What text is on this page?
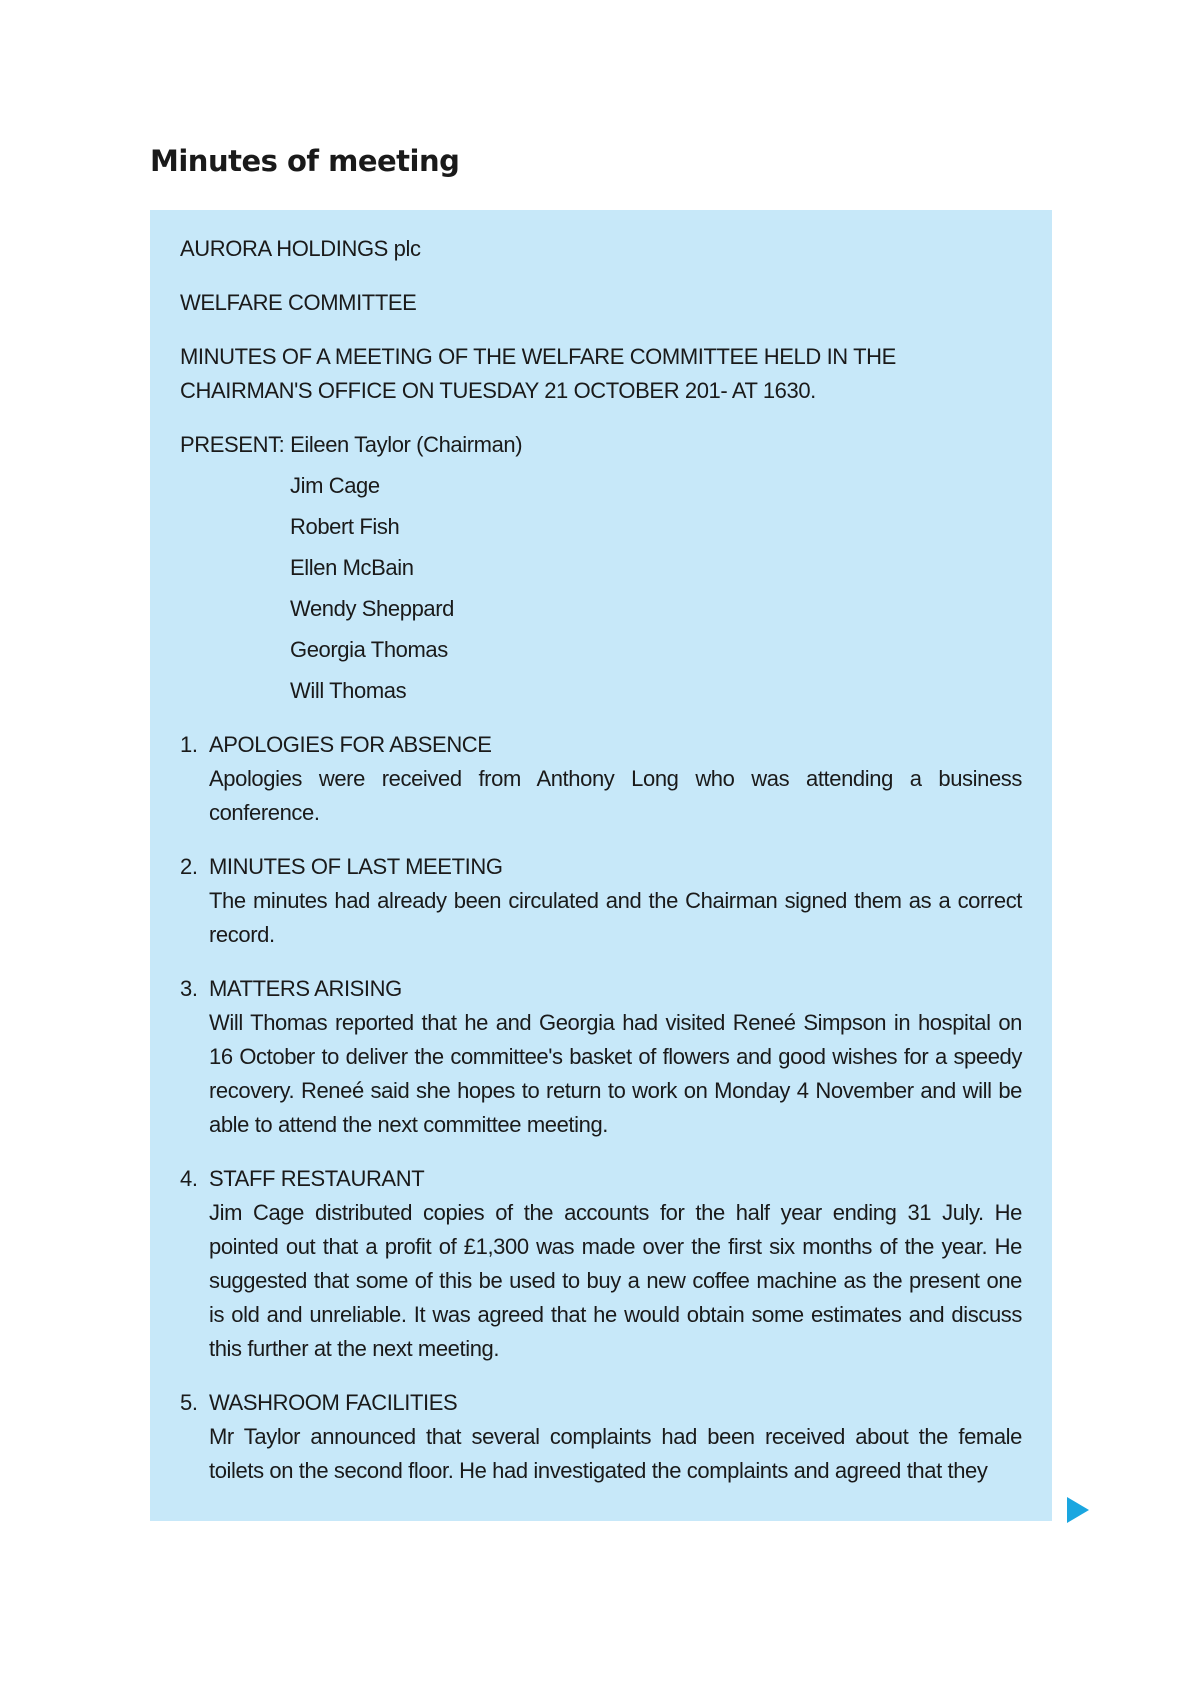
Minutes of meeting

AURORA HOLDINGS plc

WELFARE COMMITTEE

MINUTES OF A MEETING OF THE WELFARE COMMITTEE HELD IN THE

CHAIRMAN'S OFFICE ON TUESDAY 21 OCTOBER 201- AT 1630.

PRESENT: Eileen Taylor (Chairman)

Jim Cage

Robert Fish

Ellen McBain

Wendy Sheppard

Georgia Thomas

Will Thomas

1. APOLOGIES FOR ABSENCE
Apologies were received from Anthony Long who was attending a business conference.
2. MINUTES OF LAST MEETING
The minutes had already been circulated and the Chairman signed them as a correct record.
3. MATTERS ARISING
Will Thomas reported that he and Georgia had visited Reneé Simpson in hospital on 16 October to deliver the committee's basket of flowers and good wishes for a speedy recovery. Reneé said she hopes to return to work on Monday 4 November and will be able to attend the next committee meeting.
4. STAFF RESTAURANT
Jim Cage distributed copies of the accounts for the half year ending 31 July. He pointed out that a profit of £1,300 was made over the first six months of the year. He suggested that some of this be used to buy a new coffee machine as the present one is old and unreliable. It was agreed that he would obtain some estimates and discuss this further at the next meeting.
5. WASHROOM FACILITIES
Mr Taylor announced that several complaints had been received about the female toilets on the second floor. He had investigated the complaints and agreed that they
